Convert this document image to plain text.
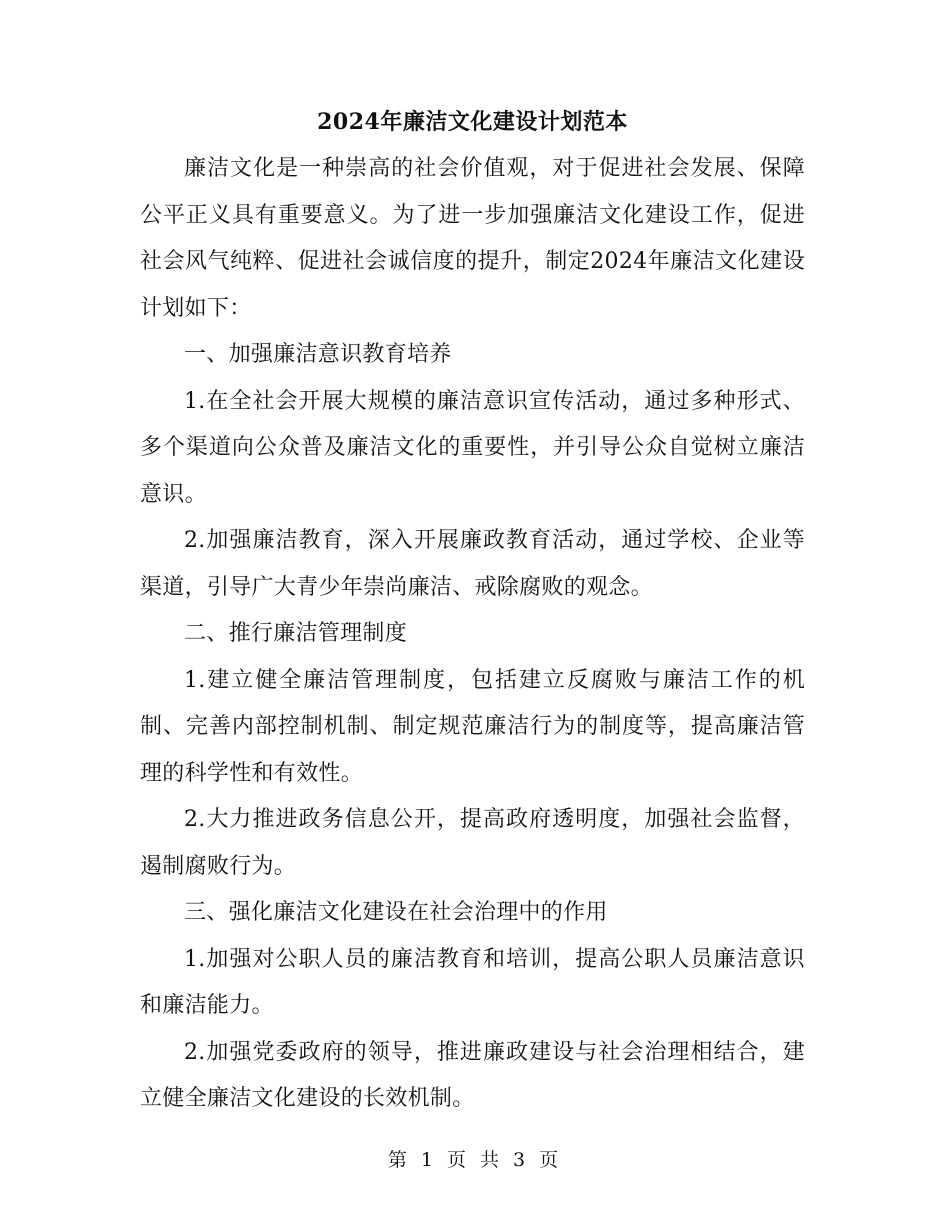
2024年廉洁文化建设计划范本

廉洁文化是一种崇高的社会价值观，对于促进社会发展、保障公平正义具有重要意义。为了进一步加强廉洁文化建设工作，促进社会风气纯粹、促进社会诚信度的提升，制定2024年廉洁文化建设计划如下：

一、加强廉洁意识教育培养

1.在全社会开展大规模的廉洁意识宣传活动，通过多种形式、多个渠道向公众普及廉洁文化的重要性，并引导公众自觉树立廉洁意识。

2.加强廉洁教育，深入开展廉政教育活动，通过学校、企业等渠道，引导广大青少年崇尚廉洁、戒除腐败的观念。

二、推行廉洁管理制度

1.建立健全廉洁管理制度，包括建立反腐败与廉洁工作的机制、完善内部控制机制、制定规范廉洁行为的制度等，提高廉洁管理的科学性和有效性。

2.大力推进政务信息公开，提高政府透明度，加强社会监督，遏制腐败行为。

三、强化廉洁文化建设在社会治理中的作用

1.加强对公职人员的廉洁教育和培训，提高公职人员廉洁意识和廉洁能力。

2.加强党委政府的领导，推进廉政建设与社会治理相结合，建立健全廉洁文化建设的长效机制。

第 1 页 共 3 页
